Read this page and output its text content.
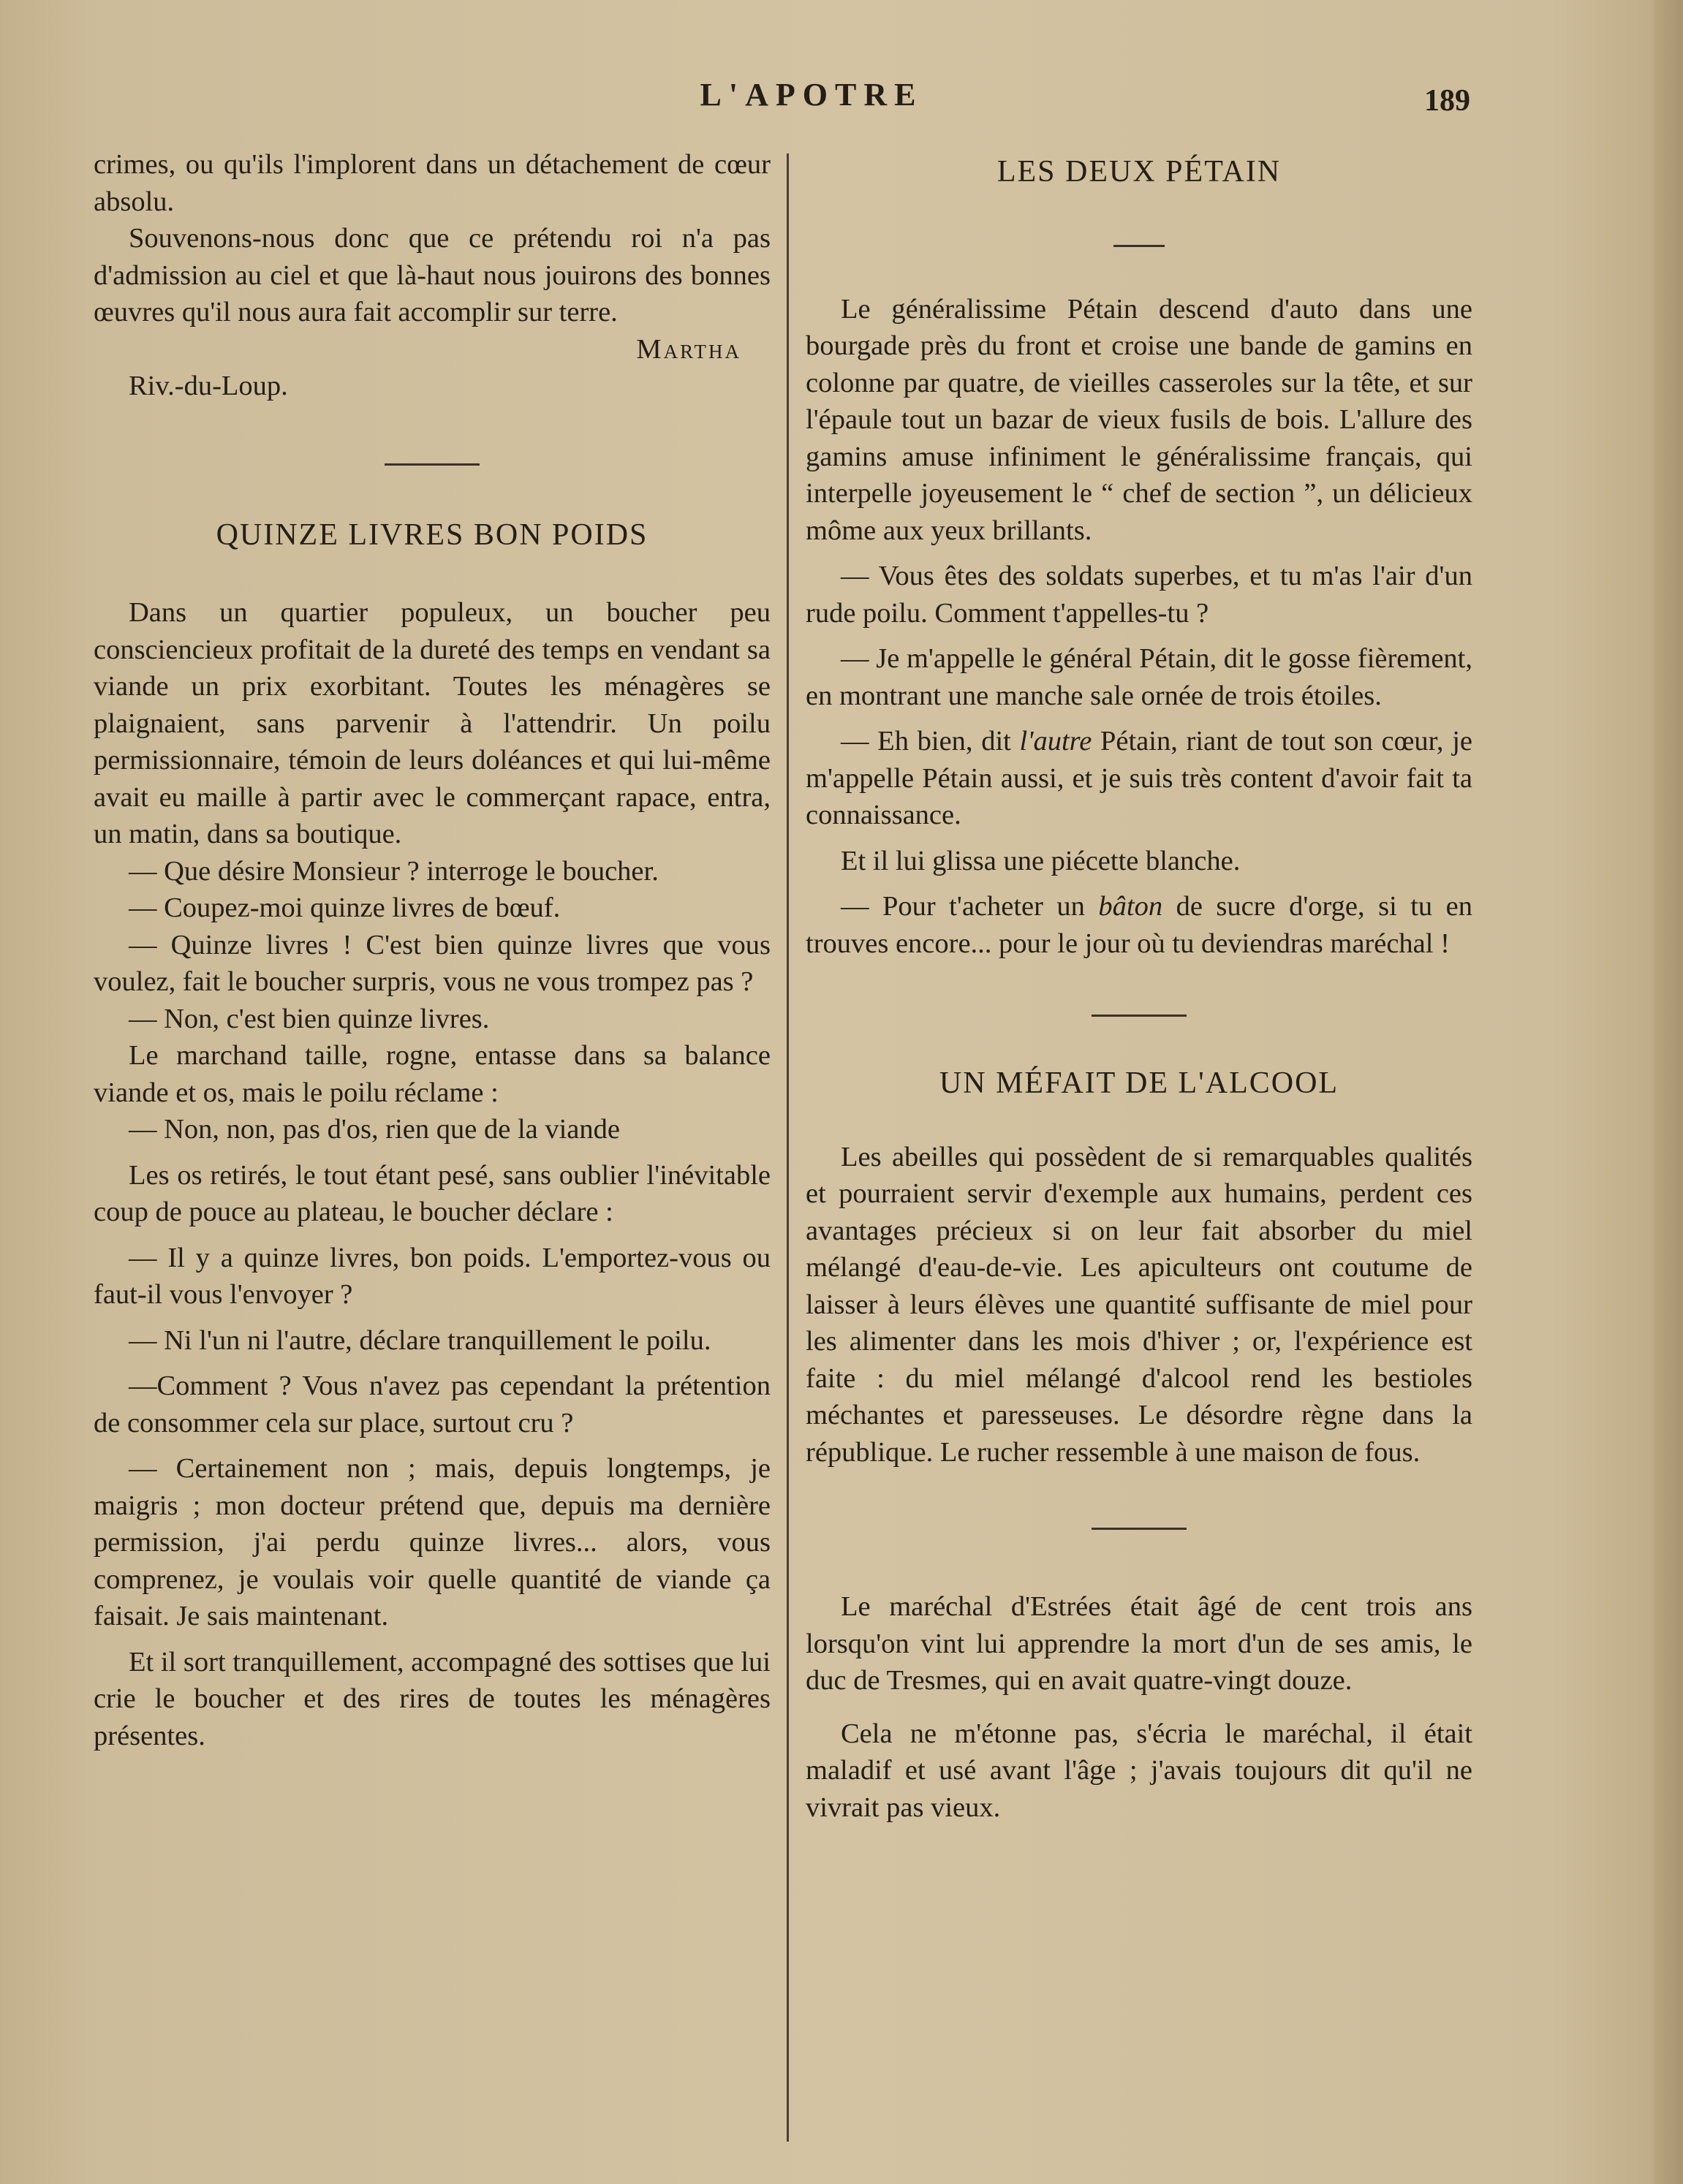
L'APOTRE	189

crimes, ou qu'ils l'implorent dans un détachement de cœur absolu.

Souvenons-nous donc que ce prétendu roi n'a pas d'admission au ciel et que là-haut nous jouirons des bonnes œuvres qu'il nous aura fait accomplir sur terre.

Martha

Riv.-du-Loup.

QUINZE LIVRES BON POIDS

Dans un quartier populeux, un boucher peu consciencieux profitait de la dureté des temps en vendant sa viande un prix exorbitant. Toutes les ménagères se plaignaient, sans parvenir à l'attendrir. Un poilu permissionnaire, témoin de leurs doléances et qui lui-même avait eu maille à partir avec le commerçant rapace, entra, un matin, dans sa boutique.

— Que désire Monsieur ? interroge le boucher.

— Coupez-moi quinze livres de bœuf.

— Quinze livres ! C'est bien quinze livres que vous voulez, fait le boucher surpris, vous ne vous trompez pas ?

— Non, c'est bien quinze livres.

Le marchand taille, rogne, entasse dans sa balance viande et os, mais le poilu réclame :

— Non, non, pas d'os, rien que de la viande

Les os retirés, le tout étant pesé, sans oublier l'inévitable coup de pouce au plateau, le boucher déclare :

— Il y a quinze livres, bon poids. L'emportez-vous ou faut-il vous l'envoyer ?

— Ni l'un ni l'autre, déclare tranquillement le poilu.

—Comment ? Vous n'avez pas cependant la prétention de consommer cela sur place, surtout cru ?

— Certainement non ; mais, depuis longtemps, je maigris ; mon docteur prétend que, depuis ma dernière permission, j'ai perdu quinze livres... alors, vous comprenez, je voulais voir quelle quantité de viande ça faisait. Je sais maintenant.

Et il sort tranquillement, accompagné des sottises que lui crie le boucher et des rires de toutes les ménagères présentes.

LES DEUX PÉTAIN

Le généralissime Pétain descend d'auto dans une bourgade près du front et croise une bande de gamins en colonne par quatre, de vieilles casseroles sur la tête, et sur l'épaule tout un bazar de vieux fusils de bois. L'allure des gamins amuse infiniment le généralissime français, qui interpelle joyeusement le “ chef de section ”, un délicieux môme aux yeux brillants.

— Vous êtes des soldats superbes, et tu m'as l'air d'un rude poilu. Comment t'appelles-tu ?

— Je m'appelle le général Pétain, dit le gosse fièrement, en montrant une manche sale ornée de trois étoiles.

— Eh bien, dit l'autre Pétain, riant de tout son cœur, je m'appelle Pétain aussi, et je suis très content d'avoir fait ta connaissance.

Et il lui glissa une piécette blanche.

— Pour t'acheter un bâton de sucre d'orge, si tu en trouves encore... pour le jour où tu deviendras maréchal !

UN MÉFAIT DE L'ALCOOL

Les abeilles qui possèdent de si remarquables qualités et pourraient servir d'exemple aux humains, perdent ces avantages précieux si on leur fait absorber du miel mélangé d'eau-de-vie. Les apiculteurs ont coutume de laisser à leurs élèves une quantité suffisante de miel pour les alimenter dans les mois d'hiver ; or, l'expérience est faite : du miel mélangé d'alcool rend les bestioles méchantes et paresseuses. Le désordre règne dans la république. Le rucher ressemble à une maison de fous.

Le maréchal d'Estrées était âgé de cent trois ans lorsqu'on vint lui apprendre la mort d'un de ses amis, le duc de Tresmes, qui en avait quatre-vingt douze.

Cela ne m'étonne pas, s'écria le maréchal, il était maladif et usé avant l'âge ; j'avais toujours dit qu'il ne vivrait pas vieux.
